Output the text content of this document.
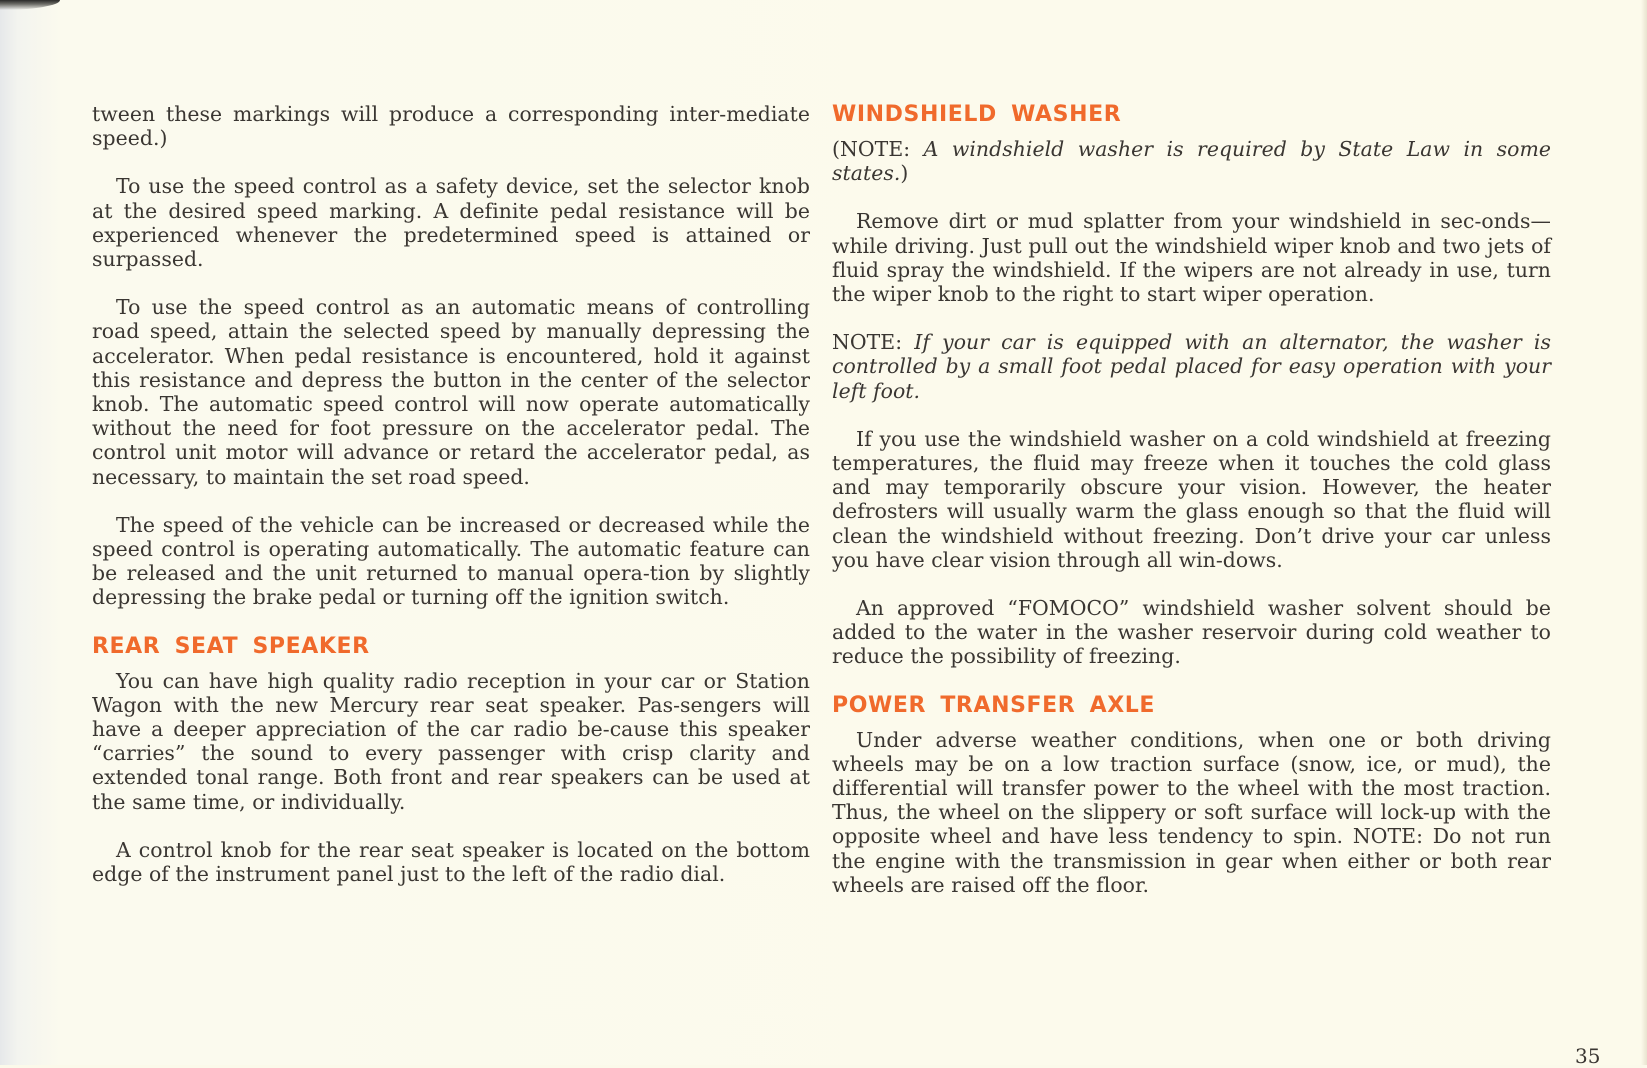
tween these markings will produce a corresponding inter-mediate speed.)

To use the speed control as a safety device, set the selector knob at the desired speed marking. A definite pedal resistance will be experienced whenever the predetermined speed is attained or surpassed.

To use the speed control as an automatic means of controlling road speed, attain the selected speed by manually depressing the accelerator. When pedal resistance is encountered, hold it against this resistance and depress the button in the center of the selector knob. The automatic speed control will now operate automatically without the need for foot pressure on the accelerator pedal. The control unit motor will advance or retard the accelerator pedal, as necessary, to maintain the set road speed.

The speed of the vehicle can be increased or decreased while the speed control is operating automatically. The automatic feature can be released and the unit returned to manual opera-tion by slightly depressing the brake pedal or turning off the ignition switch.

REAR SEAT SPEAKER

You can have high quality radio reception in your car or Station Wagon with the new Mercury rear seat speaker. Pas-sengers will have a deeper appreciation of the car radio be-cause this speaker “carries” the sound to every passenger with crisp clarity and extended tonal range. Both front and rear speakers can be used at the same time, or individually.

A control knob for the rear seat speaker is located on the bottom edge of the instrument panel just to the left of the radio dial.

WINDSHIELD WASHER

(NOTE: A windshield washer is required by State Law in some states.)

Remove dirt or mud splatter from your windshield in sec-onds—while driving. Just pull out the windshield wiper knob and two jets of fluid spray the windshield. If the wipers are not already in use, turn the wiper knob to the right to start wiper operation.

NOTE: If your car is equipped with an alternator, the washer is controlled by a small foot pedal placed for easy operation with your left foot.

If you use the windshield washer on a cold windshield at freezing temperatures, the fluid may freeze when it touches the cold glass and may temporarily obscure your vision. However, the heater defrosters will usually warm the glass enough so that the fluid will clean the windshield without freezing. Don’t drive your car unless you have clear vision through all win-dows.

An approved “FOMOCO” windshield washer solvent should be added to the water in the washer reservoir during cold weather to reduce the possibility of freezing.

POWER TRANSFER AXLE

Under adverse weather conditions, when one or both driving wheels may be on a low traction surface (snow, ice, or mud), the differential will transfer power to the wheel with the most traction. Thus, the wheel on the slippery or soft surface will lock-up with the opposite wheel and have less tendency to spin. NOTE: Do not run the engine with the transmission in gear when either or both rear wheels are raised off the floor.

35
